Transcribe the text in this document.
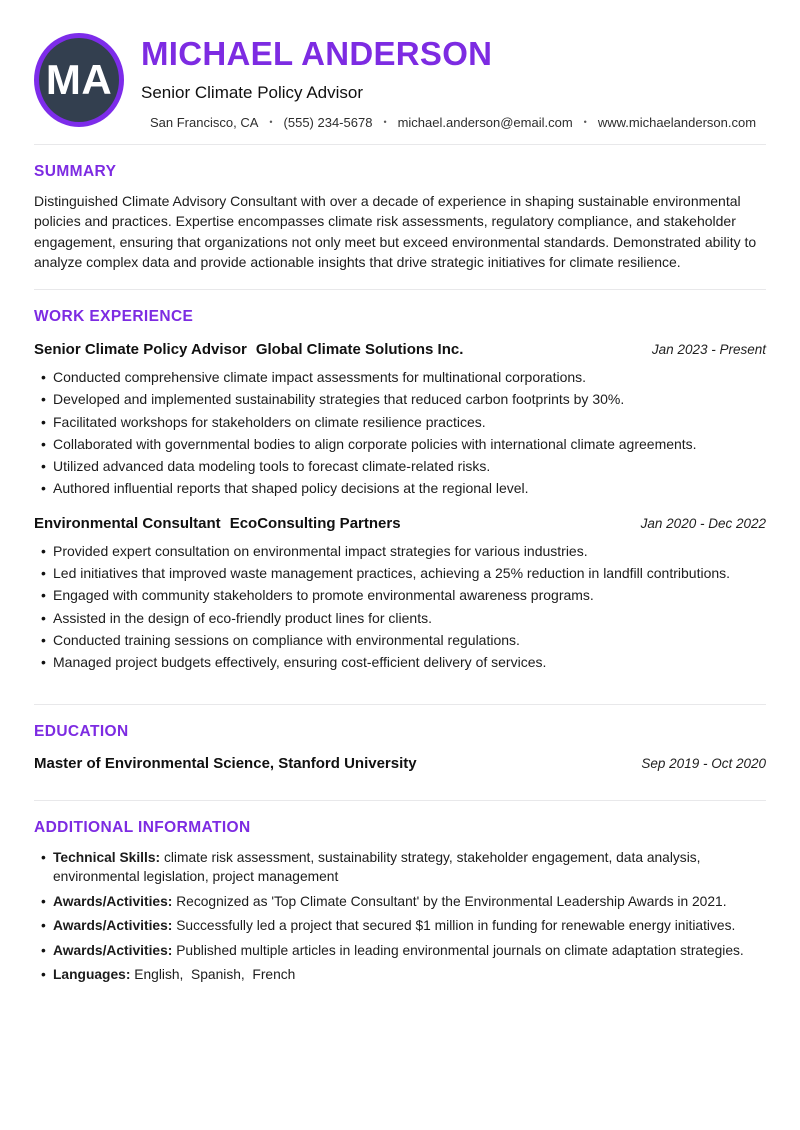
MA
MICHAEL ANDERSON
Senior Climate Policy Advisor
San Francisco, CA • (555) 234-5678 • michael.anderson@email.com • www.michaelanderson.com
SUMMARY
Distinguished Climate Advisory Consultant with over a decade of experience in shaping sustainable environmental policies and practices. Expertise encompasses climate risk assessments, regulatory compliance, and stakeholder engagement, ensuring that organizations not only meet but exceed environmental standards. Demonstrated ability to analyze complex data and provide actionable insights that drive strategic initiatives for climate resilience.
WORK EXPERIENCE
Senior Climate Policy Advisor Global Climate Solutions Inc.	Jan 2023 - Present
• Conducted comprehensive climate impact assessments for multinational corporations.
• Developed and implemented sustainability strategies that reduced carbon footprints by 30%.
• Facilitated workshops for stakeholders on climate resilience practices.
• Collaborated with governmental bodies to align corporate policies with international climate agreements.
• Utilized advanced data modeling tools to forecast climate-related risks.
• Authored influential reports that shaped policy decisions at the regional level.
Environmental Consultant EcoConsulting Partners	Jan 2020 - Dec 2022
• Provided expert consultation on environmental impact strategies for various industries.
• Led initiatives that improved waste management practices, achieving a 25% reduction in landfill contributions.
• Engaged with community stakeholders to promote environmental awareness programs.
• Assisted in the design of eco-friendly product lines for clients.
• Conducted training sessions on compliance with environmental regulations.
• Managed project budgets effectively, ensuring cost-efficient delivery of services.
EDUCATION
Master of Environmental Science, Stanford University	Sep 2019 - Oct 2020
ADDITIONAL INFORMATION
• Technical Skills: climate risk assessment, sustainability strategy, stakeholder engagement, data analysis, environmental legislation, project management
• Awards/Activities: Recognized as 'Top Climate Consultant' by the Environmental Leadership Awards in 2021.
• Awards/Activities: Successfully led a project that secured $1 million in funding for renewable energy initiatives.
• Awards/Activities: Published multiple articles in leading environmental journals on climate adaptation strategies.
• Languages: English,  Spanish,  French
